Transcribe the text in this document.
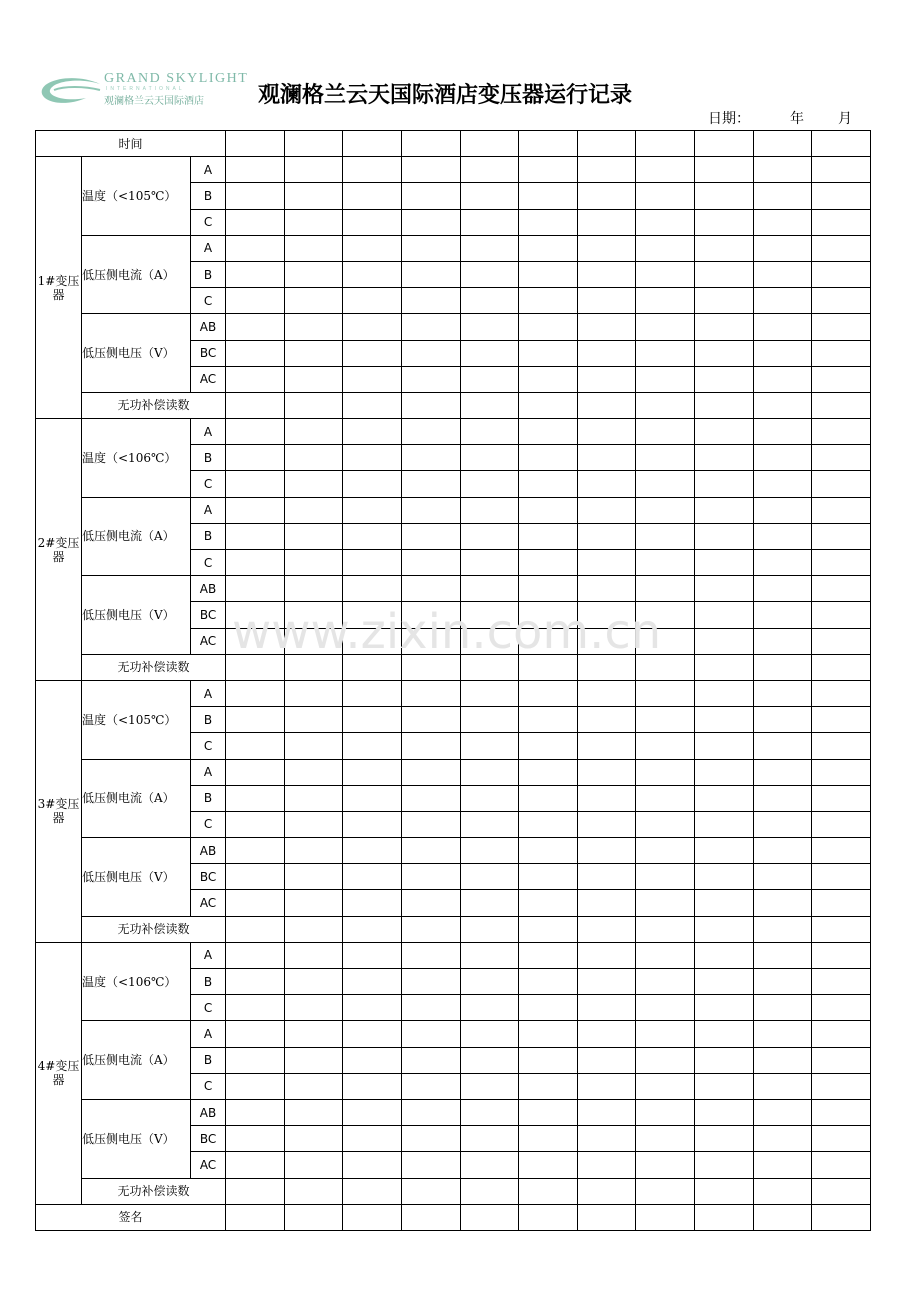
GRAND SKYLIGHT
INTERNATIONAL
观澜格兰云天国际酒店 观澜格兰云天国际酒店变压器运行记录
日期：	年 月
时间													
1#变压器	温度（<105℃）	A											
		B											
		C											
	低压侧电流（A）	A											
		B											
		C											
	低压侧电压（V）	AB											
		BC											
		AC											
	无功补偿读数												
2#变压器	温度（<106℃）	A											
		B											
		C											
	低压侧电流（A）	A											
		B											
		C											
	低压侧电压（V）	AB											
		BC											
		AC											
	无功补偿读数												
3#变压器	温度（<105℃）	A											
		B											
		C											
	低压侧电流（A）	A											
		B											
		C											
	低压侧电压（V）	AB											
		BC											
		AC											
	无功补偿读数												
4#变压器	温度（<106℃）	A											
		B											
		C											
	低压侧电流（A）	A											
		B											
		C											
	低压侧电压（V）	AB											
		BC											
		AC											
	无功补偿读数												
签名													
www.zixin.com.cn
